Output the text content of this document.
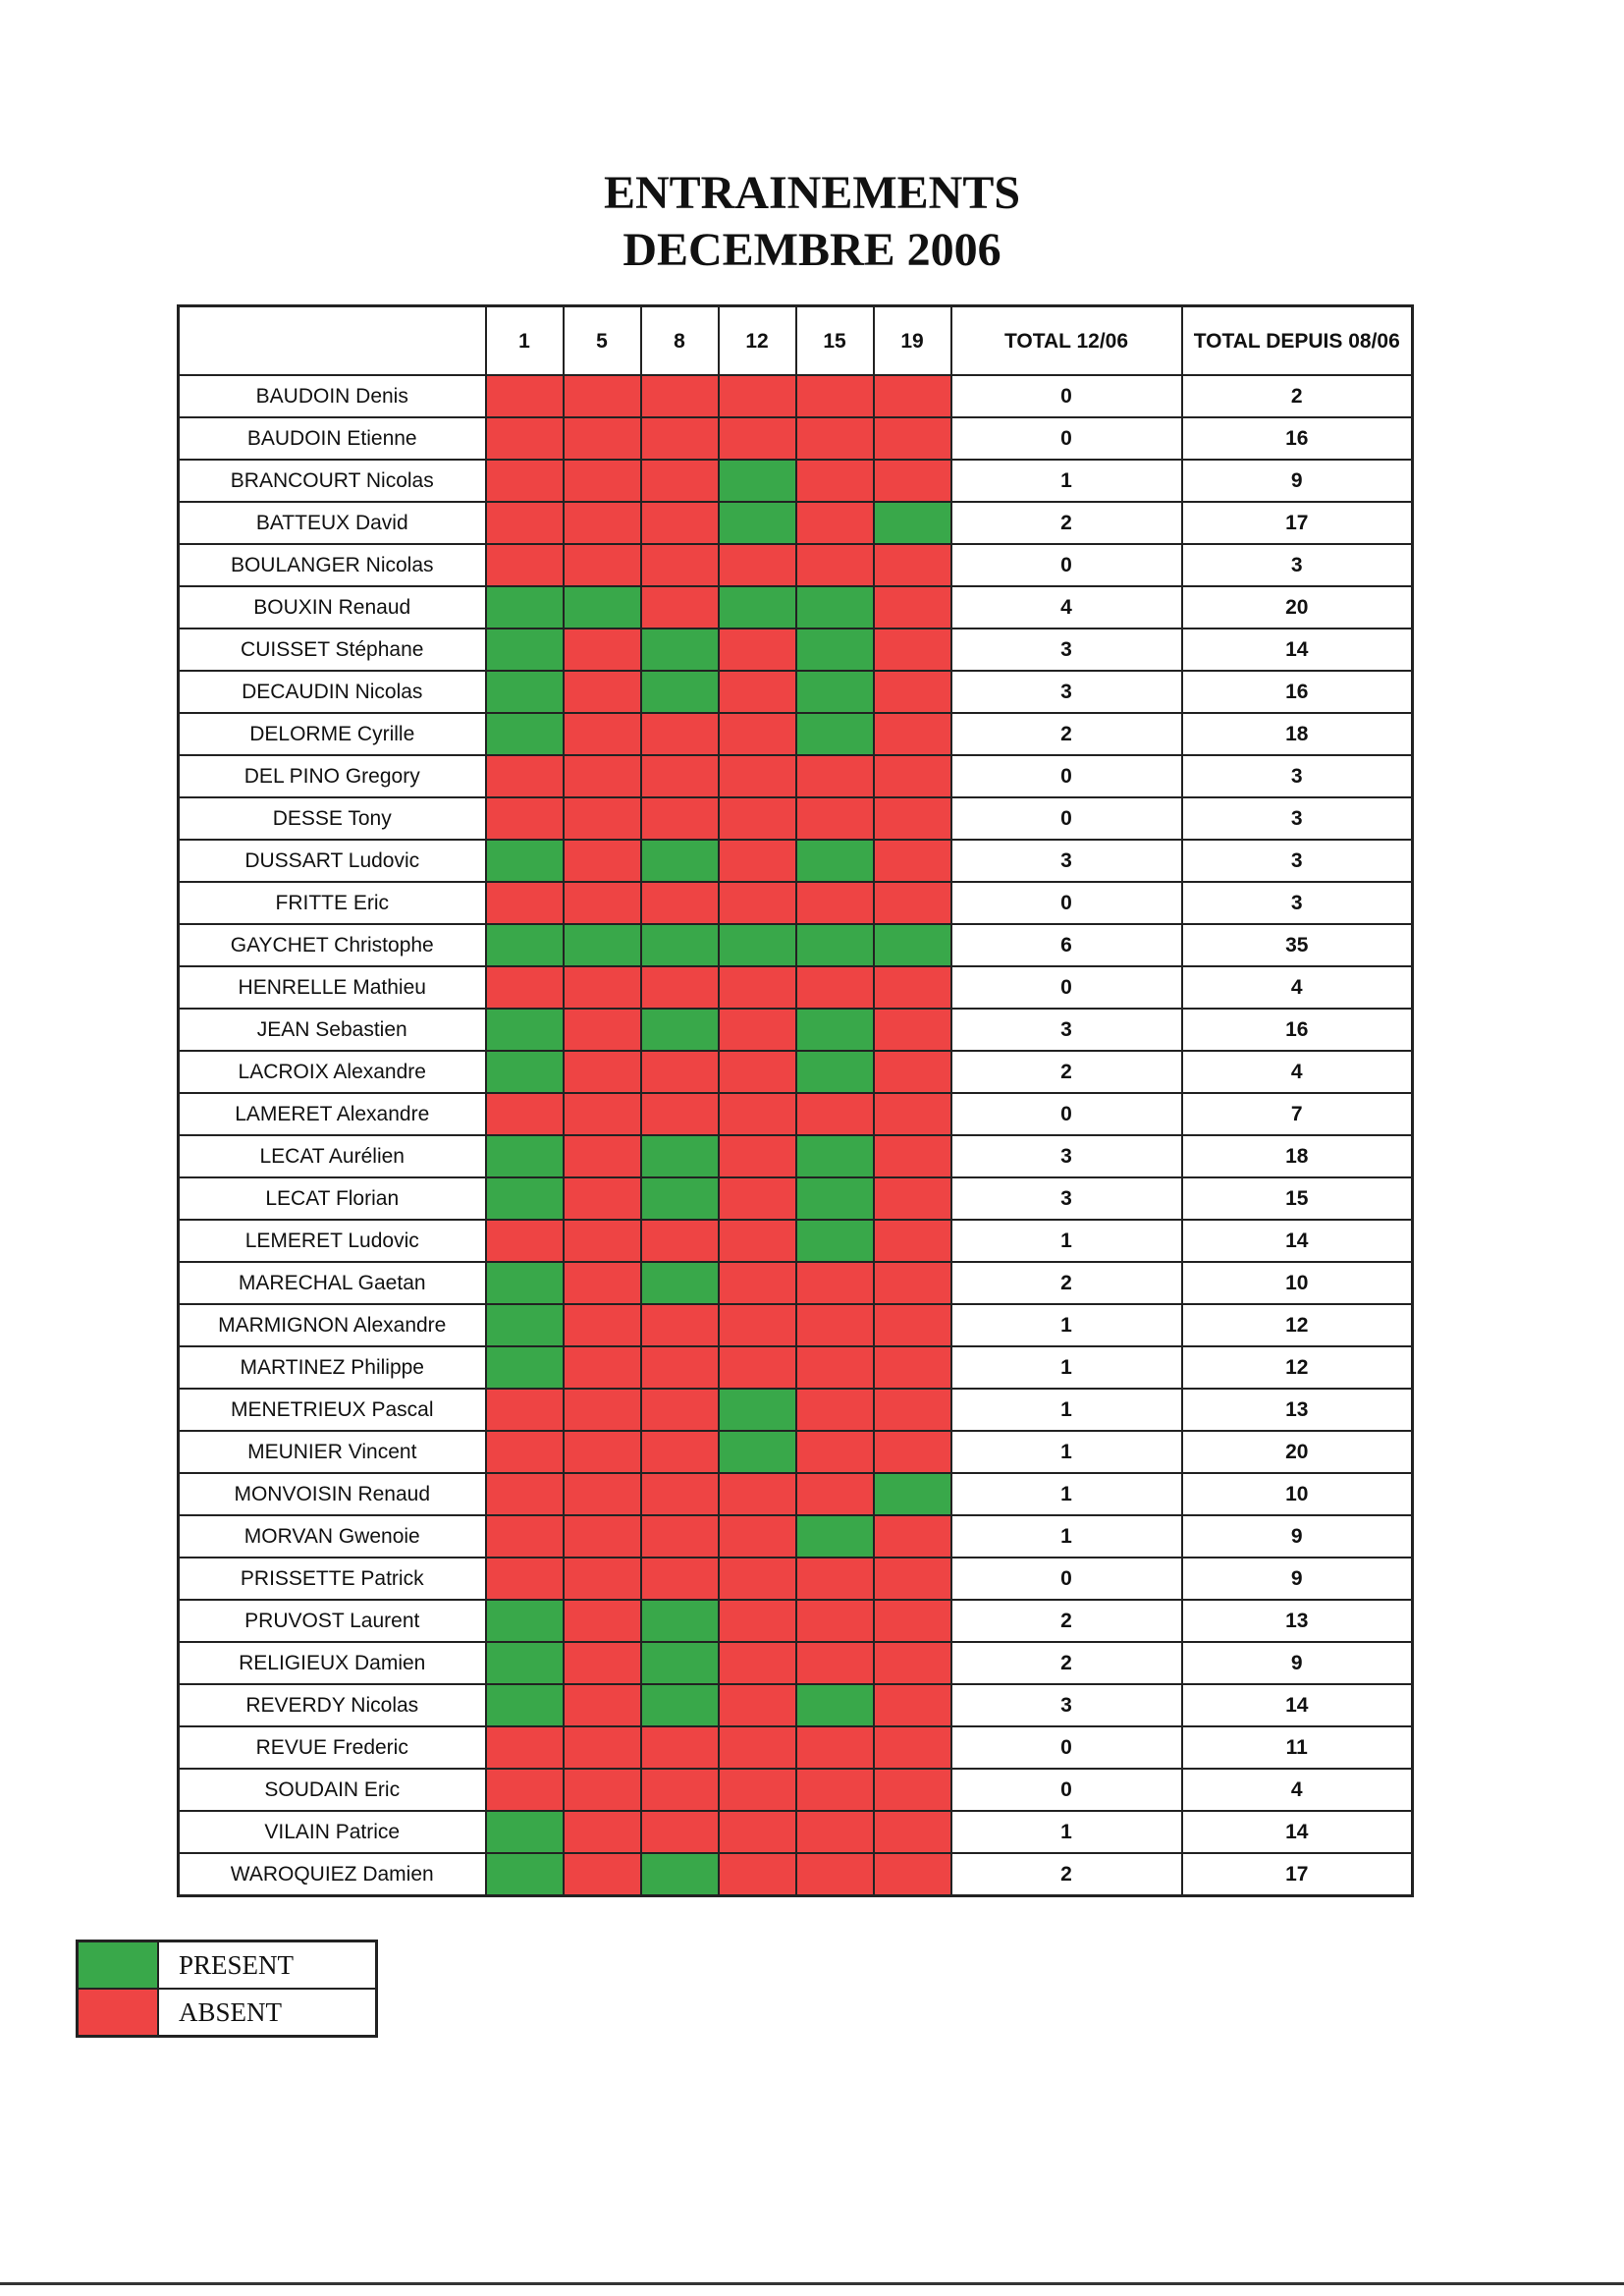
ENTRAINEMENTS
DECEMBRE 2006
	1	5	8	12	15	19	TOTAL 12/06	TOTAL DEPUIS 08/06
BAUDOIN Denis							0	2
BAUDOIN Etienne							0	16
BRANCOURT Nicolas							1	9
BATTEUX David							2	17
BOULANGER Nicolas							0	3
BOUXIN Renaud							4	20
CUISSET Stéphane							3	14
DECAUDIN Nicolas							3	16
DELORME Cyrille							2	18
DEL PINO Gregory							0	3
DESSE Tony							0	3
DUSSART Ludovic							3	3
FRITTE Eric							0	3
GAYCHET Christophe							6	35
HENRELLE Mathieu							0	4
JEAN Sebastien							3	16
LACROIX Alexandre							2	4
LAMERET Alexandre							0	7
LECAT Aurélien							3	18
LECAT Florian							3	15
LEMERET Ludovic							1	14
MARECHAL Gaetan							2	10
MARMIGNON Alexandre							1	12
MARTINEZ Philippe							1	12
MENETRIEUX Pascal							1	13
MEUNIER Vincent							1	20
MONVOISIN Renaud							1	10
MORVAN Gwenoie							1	9
PRISSETTE Patrick							0	9
PRUVOST Laurent							2	13
RELIGIEUX Damien							2	9
REVERDY Nicolas							3	14
REVUE Frederic							0	11
SOUDAIN Eric							0	4
VILAIN Patrice							1	14
WAROQUIEZ Damien							2	17
	PRESENT
	ABSENT
